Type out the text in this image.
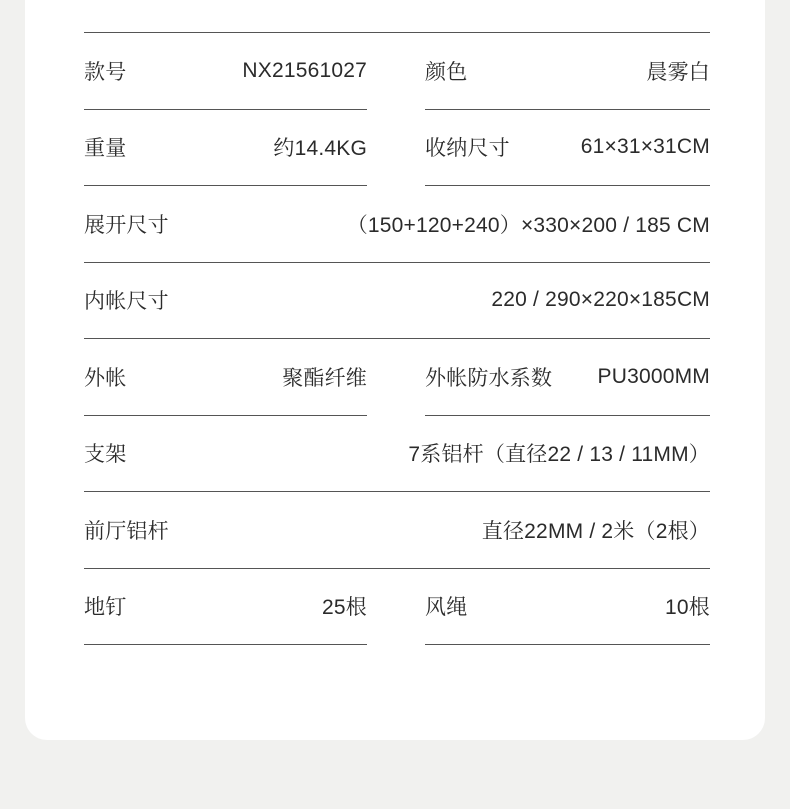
款号	NX21561027	颜色	晨雾白
重量	约14.4KG	收纳尺寸	61×31×31CM
展开尺寸	（150+120+240）×330×200 / 185 CM
内帐尺寸	220 / 290×220×185CM
外帐	聚酯纤维	外帐防水系数 PU3000MM
支架	7系铝杆（直径22 / 13 / 11MM）
前厅铝杆	直径22MM / 2米（2根）
地钉	25根	风绳	10根
